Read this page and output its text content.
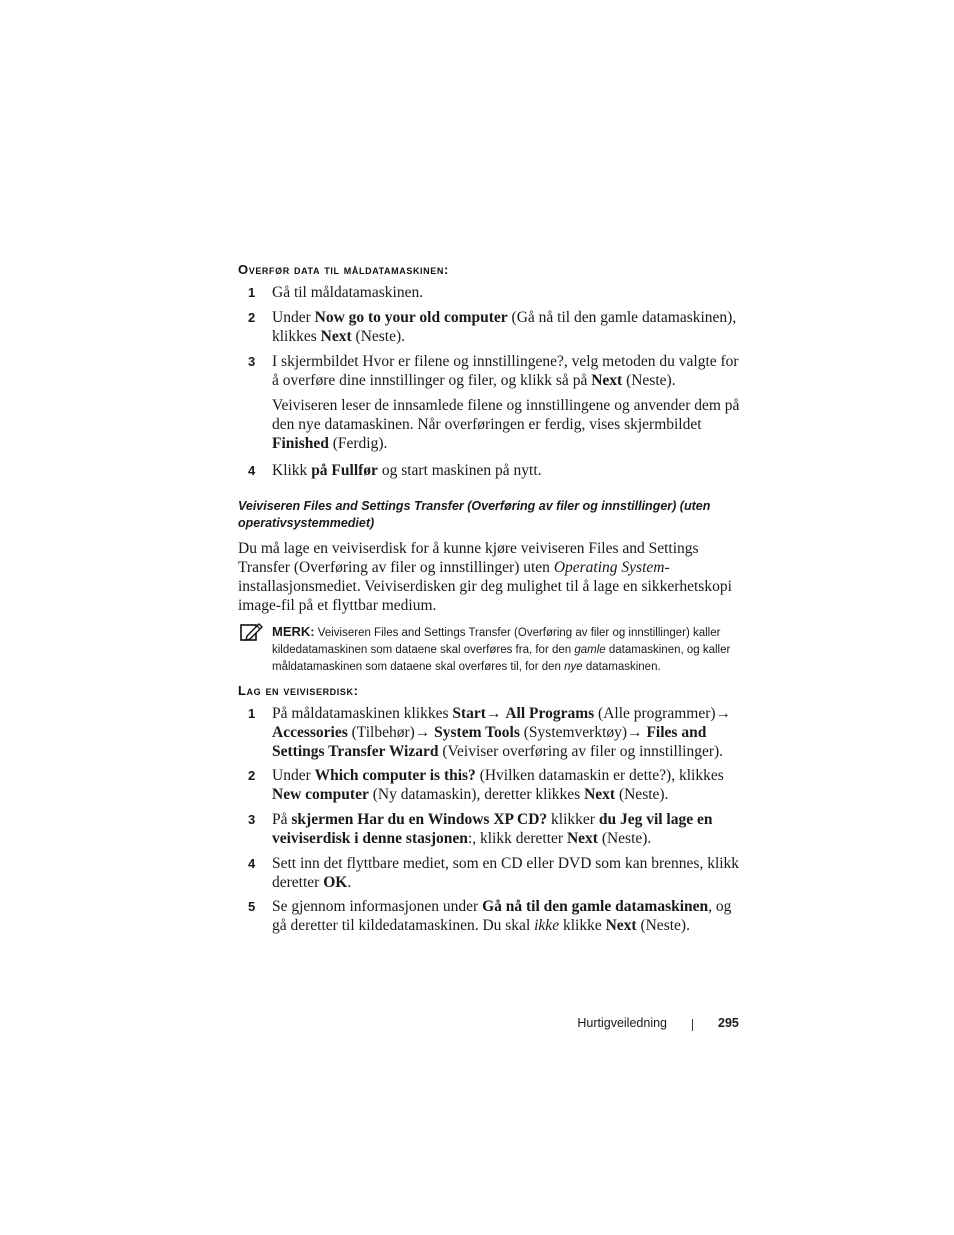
Overfør data til måldatamaskinen:
1 Gå til måldatamaskinen.
2 Under Now go to your old computer (Gå nå til den gamle datamaskinen), klikkes Next (Neste).
3 I skjermbildet Hvor er filene og innstillingene?, velg metoden du valgte for å overføre dine innstillinger og filer, og klikk så på Next (Neste).
Veiviseren leser de innsamlede filene og innstillingene og anvender dem på den nye datamaskinen. Når overføringen er ferdig, vises skjermbildet Finished (Ferdig).
4 Klikk på Fullfør og start maskinen på nytt.
Veiviseren Files and Settings Transfer (Overføring av filer og innstillinger) (uten operativsystemmediet)
Du må lage en veiviserdisk for å kunne kjøre veiviseren Files and Settings Transfer (Overføring av filer og innstillinger) uten Operating System-installasjonsmediet. Veiviserdisken gir deg mulighet til å lage en sikkerhetskopi image-fil på et flyttbar medium.
MERK: Veiviseren Files and Settings Transfer (Overføring av filer og innstillinger) kaller kildedatamaskinen som dataene skal overføres fra, for den gamle datamaskinen, og kaller måldatamaskinen som dataene skal overføres til, for den nye datamaskinen.
Lag en veiviserdisk:
1 På måldatamaskinen klikkes Start→ All Programs (Alle programmer)→ Accessories (Tilbehør)→ System Tools (Systemverktøy)→ Files and Settings Transfer Wizard (Veiviser overføring av filer og innstillinger).
2 Under Which computer is this? (Hvilken datamaskin er dette?), klikkes New computer (Ny datamaskin), deretter klikkes Next (Neste).
3 På skjermen Har du en Windows XP CD? klikker du Jeg vil lage en veiviserdisk i denne stasjonen:, klikk deretter Next (Neste).
4 Sett inn det flyttbare mediet, som en CD eller DVD som kan brennes, klikk deretter OK.
5 Se gjennom informasjonen under Gå nå til den gamle datamaskinen, og gå deretter til kildedatamaskinen. Du skal ikke klikke Next (Neste).
Hurtigveiledning	295
